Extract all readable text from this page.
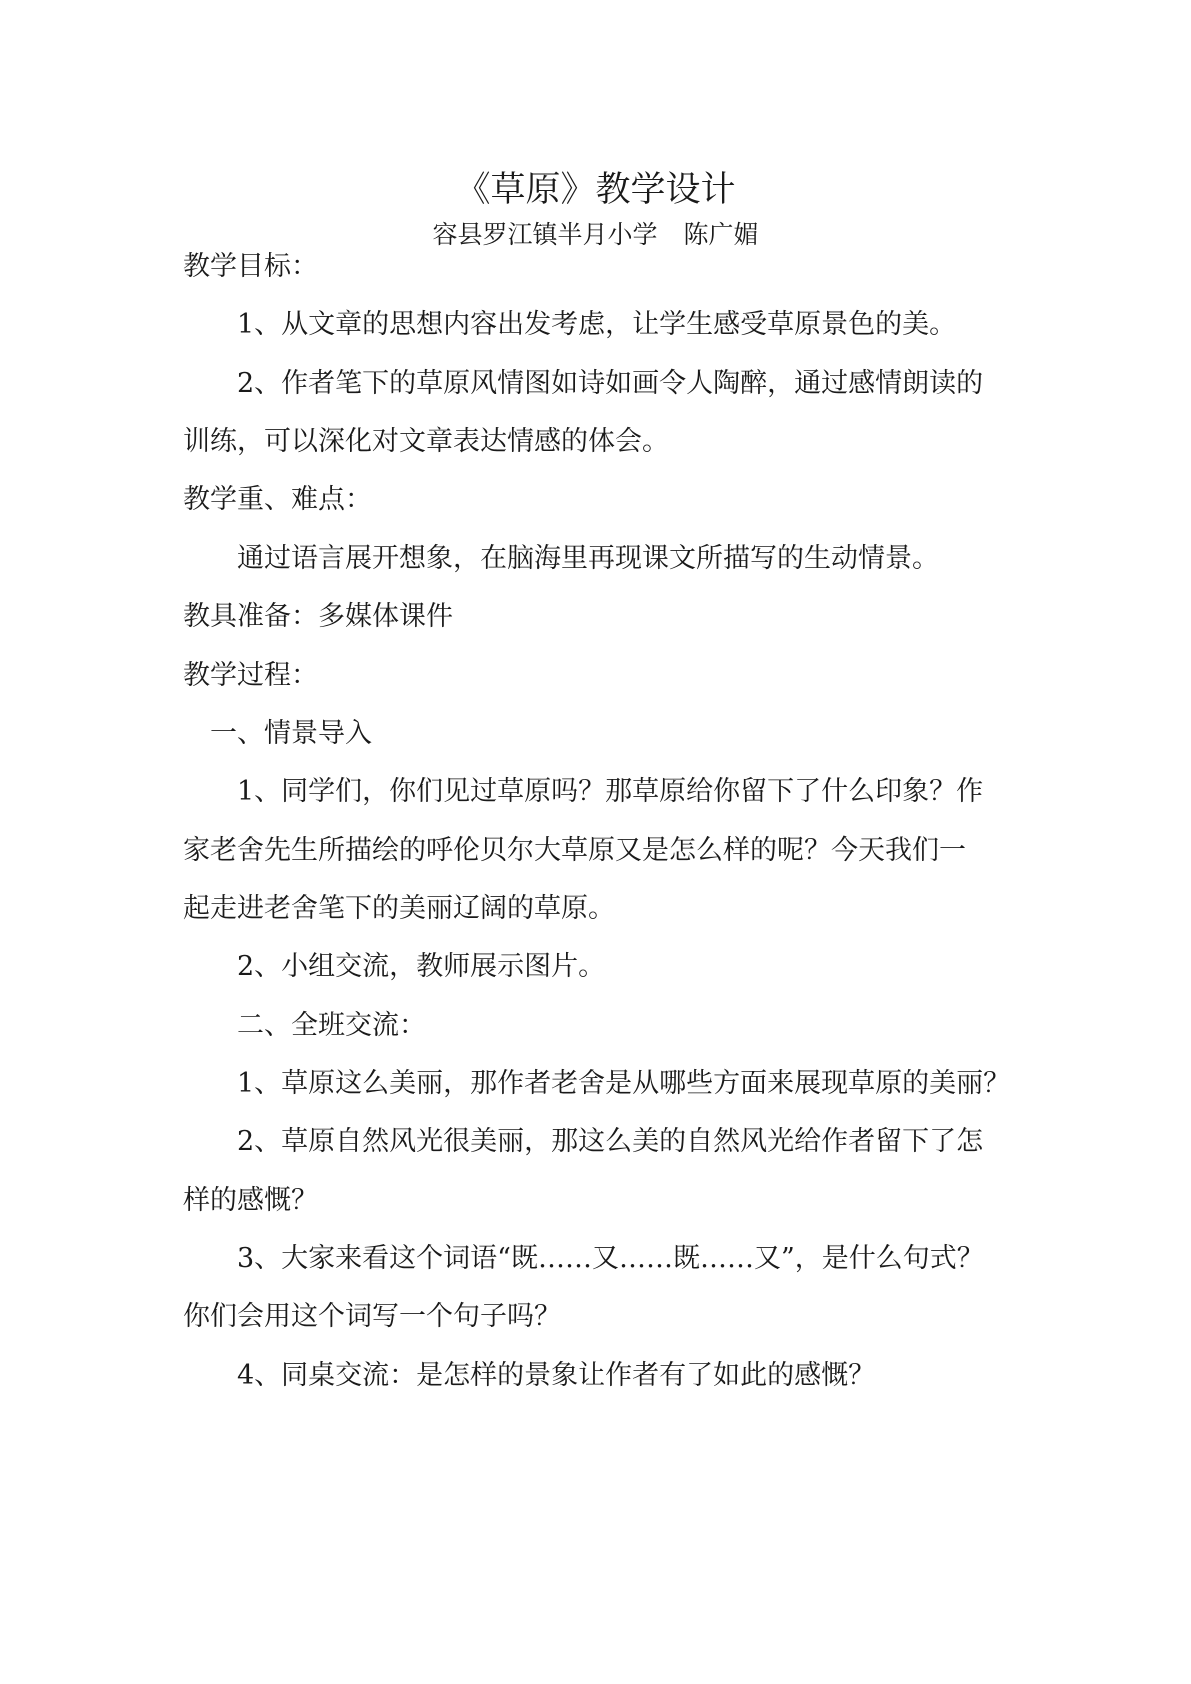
《草原》教学设计
容县罗江镇半月小学 陈广媚
教学目标：
1、从文章的思想内容出发考虑，让学生感受草原景色的美。
2、作者笔下的草原风情图如诗如画令人陶醉，通过感情朗读的
训练，可以深化对文章表达情感的体会。
教学重、难点：
通过语言展开想象，在脑海里再现课文所描写的生动情景。
教具准备：多媒体课件
教学过程：
一、情景导入
1、同学们，你们见过草原吗？那草原给你留下了什么印象？作
家老舍先生所描绘的呼伦贝尔大草原又是怎么样的呢？今天我们一
起走进老舍笔下的美丽辽阔的草原。
2、小组交流，教师展示图片。
二、全班交流：
1、草原这么美丽，那作者老舍是从哪些方面来展现草原的美丽？
2、草原自然风光很美丽，那这么美的自然风光给作者留下了怎
样的感慨？
3、大家来看这个词语“既……又……既……又”，是什么句式？
你们会用这个词写一个句子吗？
4、同桌交流：是怎样的景象让作者有了如此的感慨？
